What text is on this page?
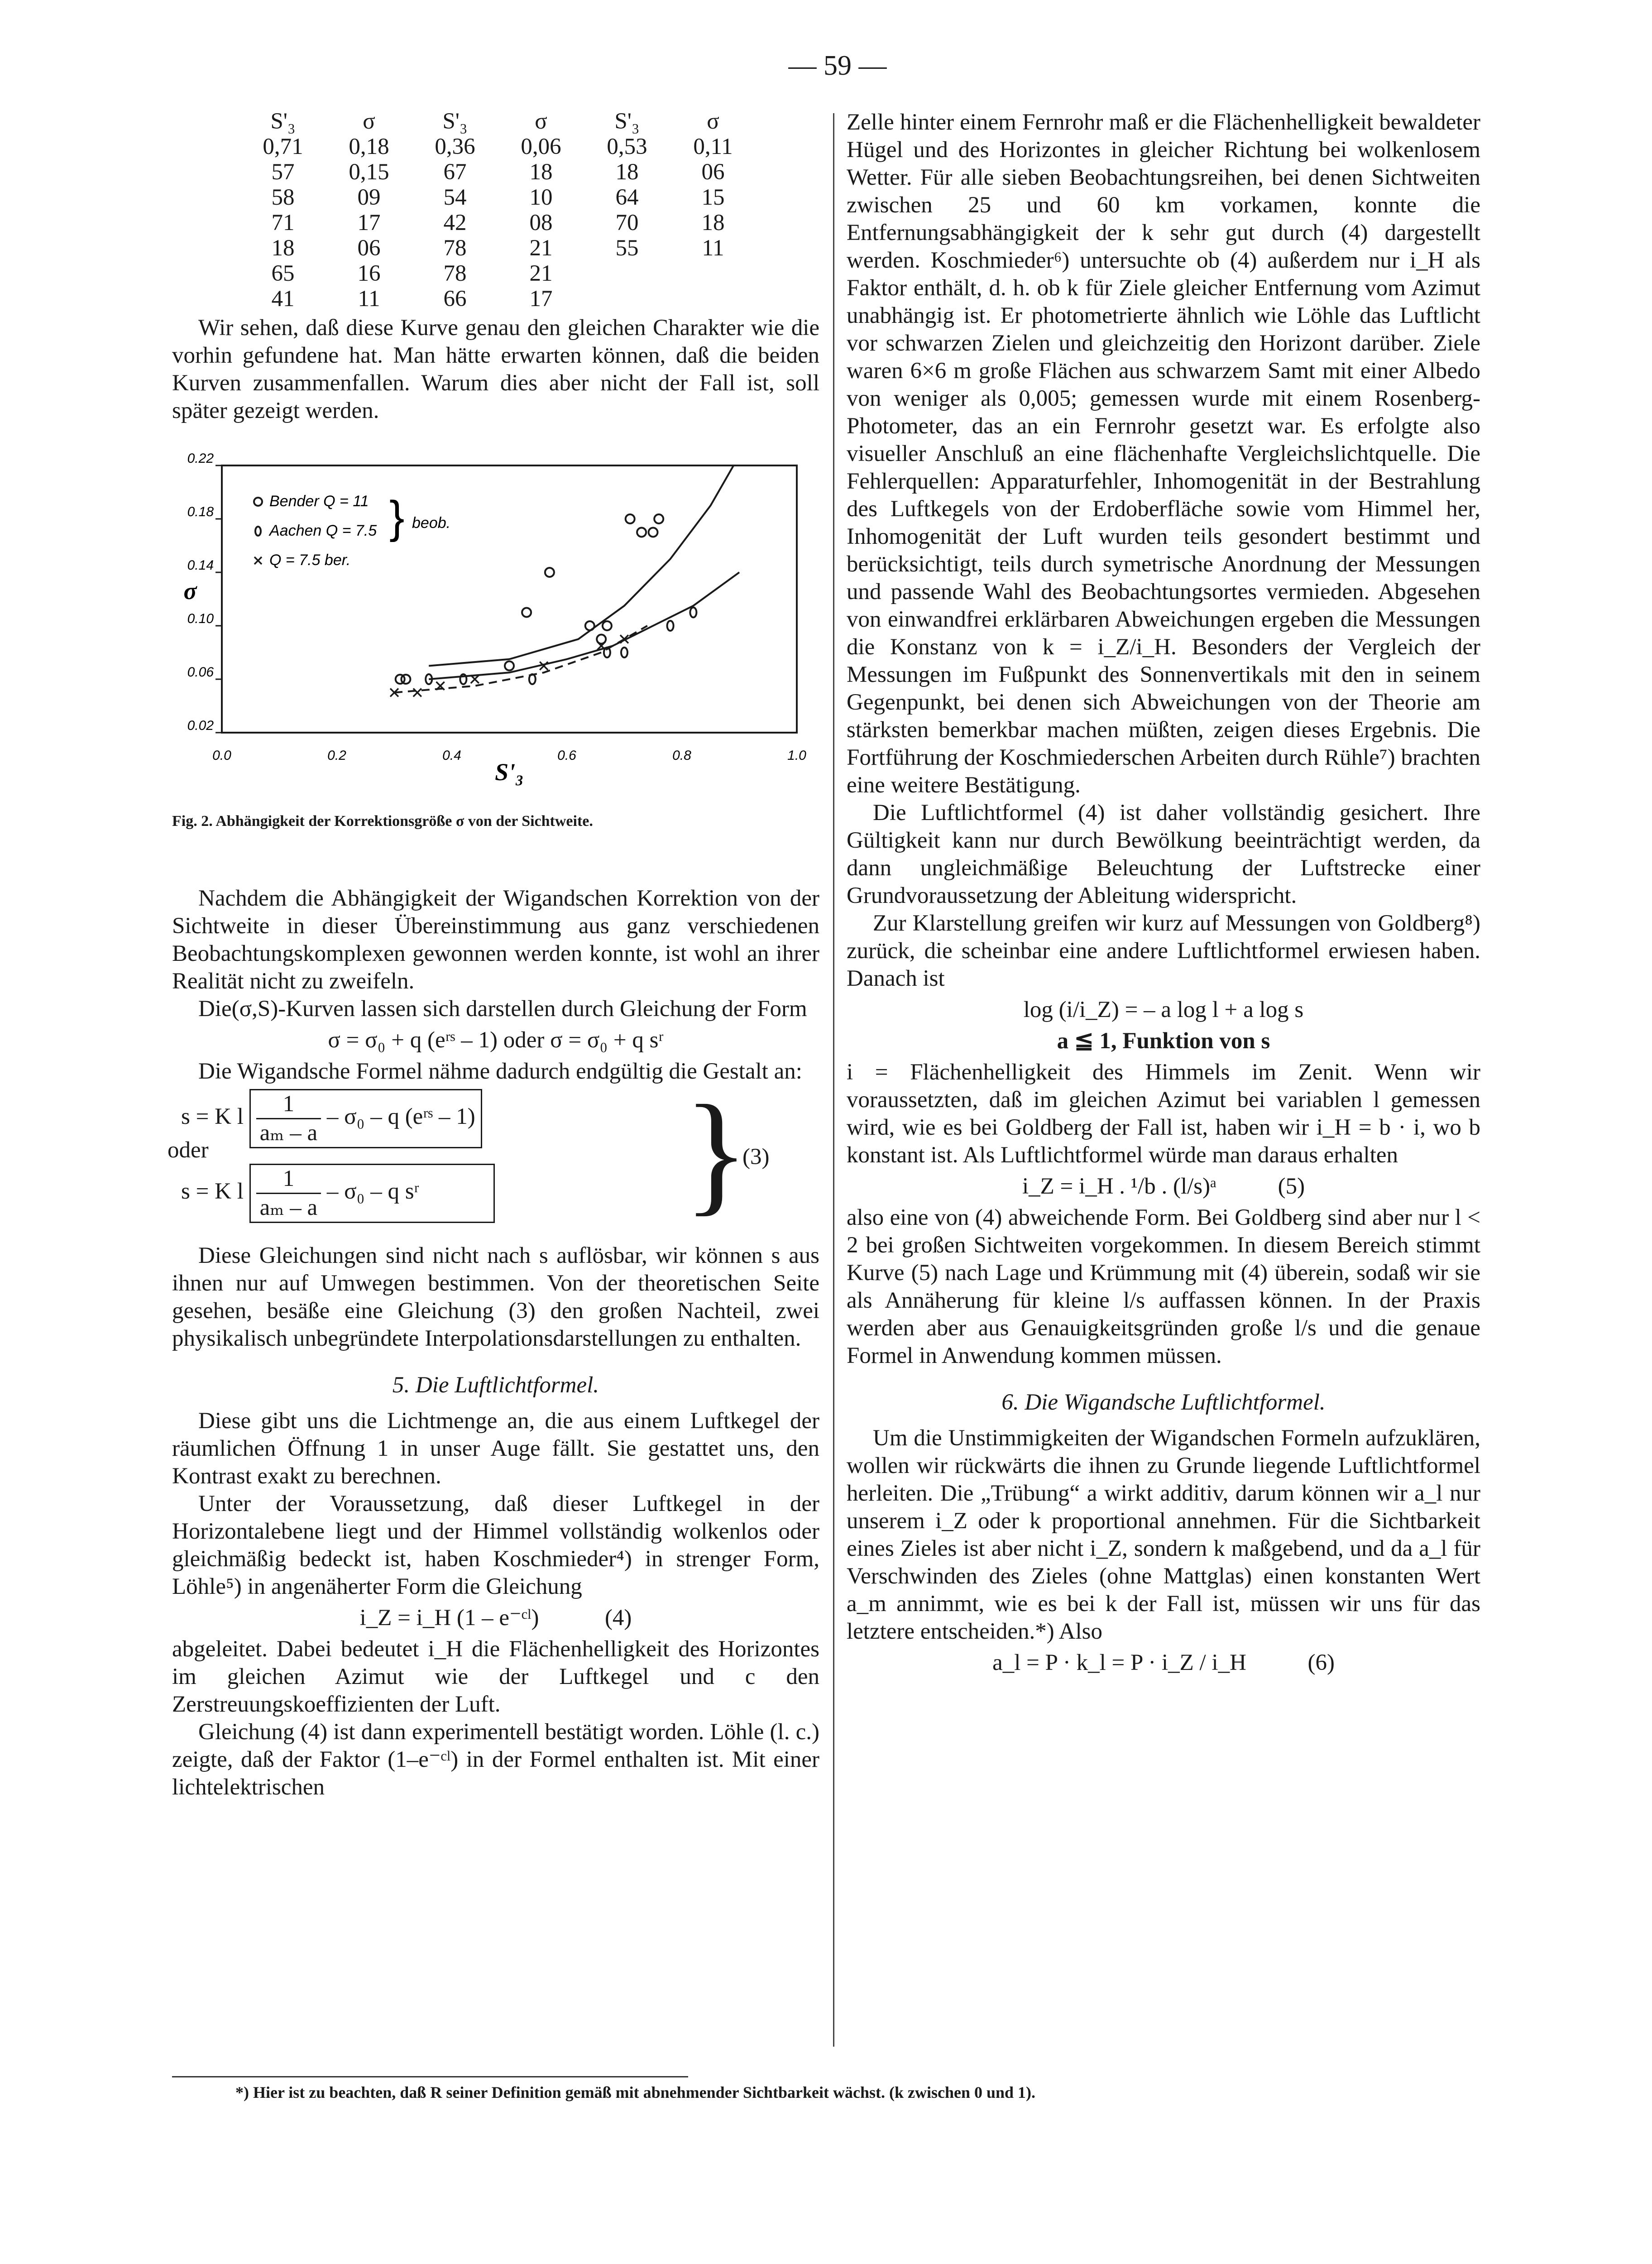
— 59 —
S'₃	σ	S'₃	σ	S'₃	σ
0,71	0,18	0,36	0,06	0,53	0,11
57	0,15	67	18	18	06
58	09	54	10	64	15
71	17	42	08	70	18
18	06	78	21	55	11
65	16	78	21		
41	11	66	17		

Wir sehen, daß diese Kurve genau den gleichen Charakter wie die vorhin gefundene hat. Man hätte erwarten können, daß die beiden Kurven zusammenfallen. Warum dies aber nicht der Fall ist, soll später gezeigt werden.

0.22
0.18
0.14
0.10
0.06
0.02
0.0	0.2	0.4	0.6	0.8	1.0
S'₃
σ
Bender Q = 11
Aachen Q = 7.5
Q = 7.5 ber.
} beob.

Fig. 2. Abhängigkeit der Korrektionsgröße σ von der Sichtweite.

Nachdem die Abhängigkeit der Wigandschen Korrektion von der Sichtweite in dieser Übereinstimmung aus ganz verschiedenen Beobachtungskomplexen gewonnen werden konnte, ist wohl an ihrer Realität nicht zu zweifeln.

Die(σ,S)-Kurven lassen sich darstellen durch Gleichung der Form

σ = σ₀ + q (eʳˢ – 1) oder σ = σ₀ + q sʳ

Die Wigandsche Formel nähme dadurch endgültig die Gestalt an:

s = K l $\frac{1}{\text{aₘ – a}} - \sigma_0$ – q (eʳˢ – 1)
oder
s = K l $\frac{1}{\text{aₘ – a}} - \sigma_0$ – q sʳ	}
(3)

Diese Gleichungen sind nicht nach s auflösbar, wir können s aus ihnen nur auf Umwegen bestimmen. Von der theoretischen Seite gesehen, besäße eine Gleichung (3) den großen Nachteil, zwei physikalisch unbegründete Interpolationsdarstellungen zu enthalten.

5. Die Luftlichtformel.

Diese gibt uns die Lichtmenge an, die aus einem Luftkegel der räumlichen Öffnung 1 in unser Auge fällt. Sie gestattet uns, den Kontrast exakt zu berechnen.

Unter der Voraussetzung, daß dieser Luftkegel in der Horizontalebene liegt und der Himmel vollständig wolkenlos oder gleichmäßig bedeckt ist, haben Koschmieder⁴) in strenger Form, Löhle⁵) in angenäherter Form die Gleichung

i_Z = i_H (1 – e⁻ᶜˡ)	(4)

abgeleitet. Dabei bedeutet i_H die Flächenhelligkeit des Horizontes im gleichen Azimut wie der Luftkegel und c den Zerstreuungskoeffizienten der Luft.

Gleichung (4) ist dann experimentell bestätigt worden. Löhle (l. c.) zeigte, daß der Faktor (1–e⁻ᶜˡ) in der Formel enthalten ist. Mit einer lichtelektrischen

Zelle hinter einem Fernrohr maß er die Flächenhelligkeit bewaldeter Hügel und des Horizontes in gleicher Richtung bei wolkenlosem Wetter. Für alle sieben Beobachtungsreihen, bei denen Sichtweiten zwischen 25 und 60 km vorkamen, konnte die Entfernungsabhängigkeit der k sehr gut durch (4) dargestellt werden. Koschmieder⁶) untersuchte ob (4) außerdem nur i_H als Faktor enthält, d. h. ob k für Ziele gleicher Entfernung vom Azimut unabhängig ist. Er photometrierte ähnlich wie Löhle das Luftlicht vor schwarzen Zielen und gleichzeitig den Horizont darüber. Ziele waren 6×6 m große Flächen aus schwarzem Samt mit einer Albedo von weniger als 0,005; gemessen wurde mit einem Rosenberg-Photometer, das an ein Fernrohr gesetzt war. Es erfolgte also visueller Anschluß an eine flächenhafte Vergleichslichtquelle. Die Fehlerquellen: Apparaturfehler, Inhomogenität in der Bestrahlung des Luftkegels von der Erdoberfläche sowie vom Himmel her, Inhomogenität der Luft wurden teils gesondert bestimmt und berücksichtigt, teils durch symetrische Anordnung der Messungen und passende Wahl des Beobachtungsortes vermieden. Abgesehen von einwandfrei erklärbaren Abweichungen ergeben die Messungen die Konstanz von k = i_Z/i_H. Besonders der Vergleich der Messungen im Fußpunkt des Sonnenvertikals mit den in seinem Gegenpunkt, bei denen sich Abweichungen von der Theorie am stärksten bemerkbar machen müßten, zeigen dieses Ergebnis. Die Fortführung der Koschmiederschen Arbeiten durch Rühle⁷) brachten eine weitere Bestätigung.

Die Luftlichtformel (4) ist daher vollständig gesichert. Ihre Gültigkeit kann nur durch Bewölkung beeinträchtigt werden, da dann ungleichmäßige Beleuchtung der Luftstrecke einer Grundvoraussetzung der Ableitung widerspricht.

Zur Klarstellung greifen wir kurz auf Messungen von Goldberg⁸) zurück, die scheinbar eine andere Luftlichtformel erwiesen haben. Danach ist

log (i/i_Z) = – a log l + a log s

a ≦ 1, Funktion von s

i = Flächenhelligkeit des Himmels im Zenit. Wenn wir voraussetzten, daß im gleichen Azimut bei variablen l gemessen wird, wie es bei Goldberg der Fall ist, haben wir i_H = b · i, wo b konstant ist. Als Luftlichtformel würde man daraus erhalten

i_Z = i_H . ¹/b . (l/s)ᵃ	(5)

also eine von (4) abweichende Form. Bei Goldberg sind aber nur l < 2 bei großen Sichtweiten vorgekommen. In diesem Bereich stimmt Kurve (5) nach Lage und Krümmung mit (4) überein, sodaß wir sie als Annäherung für kleine l/s auffassen können. In der Praxis werden aber aus Genauigkeitsgründen große l/s und die genaue Formel in Anwendung kommen müssen.

6. Die Wigandsche Luftlichtformel.

Um die Unstimmigkeiten der Wigandschen Formeln aufzuklären, wollen wir rückwärts die ihnen zu Grunde liegende Luftlichtformel herleiten. Die „Trübung“ a wirkt additiv, darum können wir a_l nur unserem i_Z oder k proportional annehmen. Für die Sichtbarkeit eines Zieles ist aber nicht i_Z, sondern k maßgebend, und da a_l für Verschwinden des Zieles (ohne Mattglas) einen konstanten Wert a_m annimmt, wie es bei k der Fall ist, müssen wir uns für das letztere entscheiden.*) Also

a_l = P · k_l = P · i_Z / i_H	(6)

*) Hier ist zu beachten, daß R seiner Definition gemäß mit abnehmender Sichtbarkeit wächst. (k zwischen 0 und 1).
